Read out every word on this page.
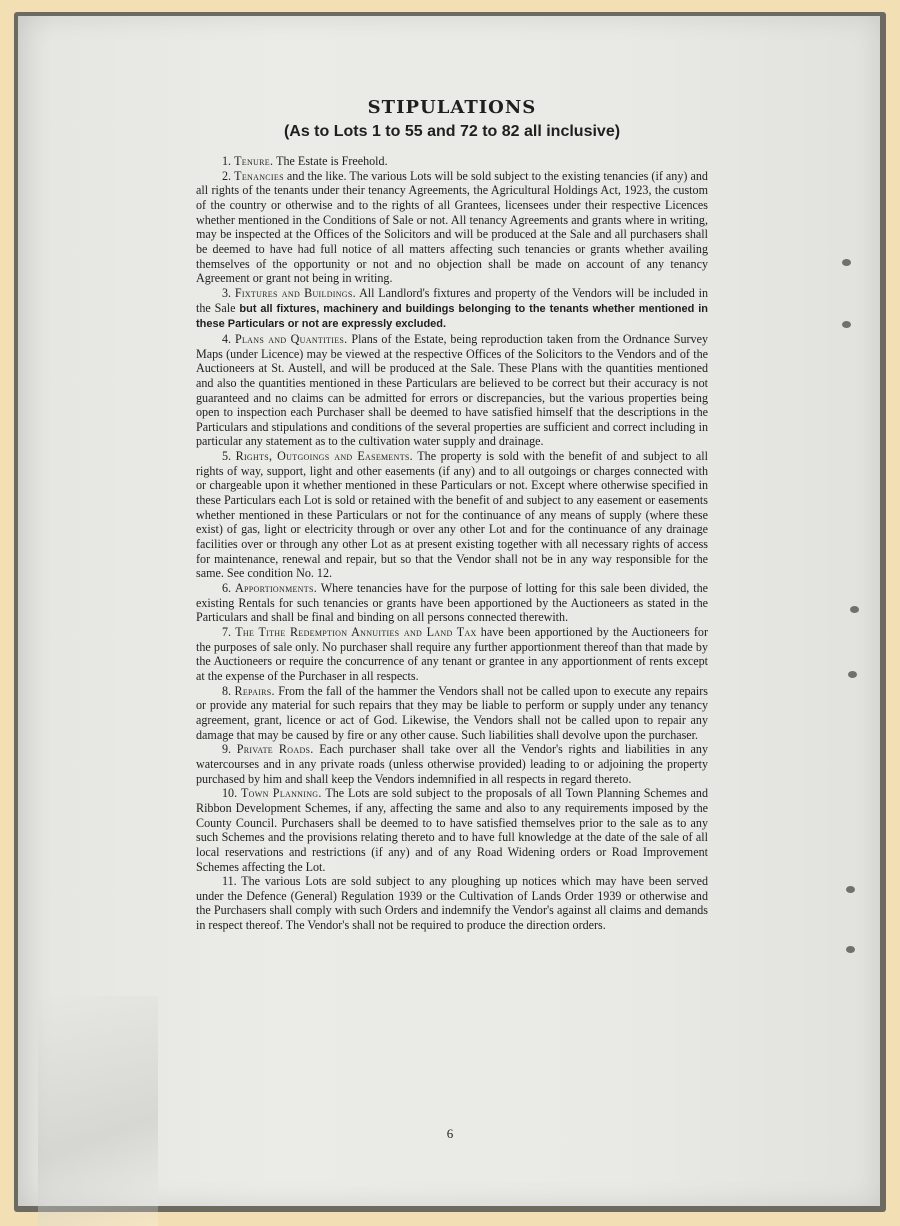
STIPULATIONS
(As to Lots 1 to 55 and 72 to 82 all inclusive)

1. Tenure. The Estate is Freehold.

2. Tenancies and the like. The various Lots will be sold subject to the existing tenancies (if any) and all rights of the tenants under their tenancy Agreements, the Agricultural Holdings Act, 1923, the custom of the country or otherwise and to the rights of all Grantees, licensees under their respective Licences whether mentioned in the Conditions of Sale or not. All tenancy Agreements and grants where in writing, may be inspected at the Offices of the Solicitors and will be produced at the Sale and all purchasers shall be deemed to have had full notice of all matters affecting such tenancies or grants whether availing themselves of the opportunity or not and no objection shall be made on account of any tenancy Agreement or grant not being in writing.

3. Fixtures and Buildings. All Landlord's fixtures and property of the Vendors will be included in the Sale but all fixtures, machinery and buildings belonging to the tenants whether mentioned in these Particulars or not are expressly excluded.

4. Plans and Quantities. Plans of the Estate, being reproduction taken from the Ordnance Survey Maps (under Licence) may be viewed at the respective Offices of the Solicitors to the Vendors and of the Auctioneers at St. Austell, and will be produced at the Sale. These Plans with the quantities mentioned and also the quantities mentioned in these Particulars are believed to be correct but their accuracy is not guaranteed and no claims can be admitted for errors or discrepancies, but the various properties being open to inspection each Purchaser shall be deemed to have satisfied himself that the descriptions in the Particulars and stipulations and conditions of the several properties are sufficient and correct including in particular any statement as to the cultivation water supply and drainage.

5. Rights, Outgoings and Easements. The property is sold with the benefit of and subject to all rights of way, support, light and other easements (if any) and to all outgoings or charges connected with or chargeable upon it whether mentioned in these Particulars or not. Except where otherwise specified in these Particulars each Lot is sold or retained with the benefit of and subject to any easement or easements whether mentioned in these Particulars or not for the continuance of any means of supply (where these exist) of gas, light or electricity through or over any other Lot and for the continuance of any drainage facilities over or through any other Lot as at present existing together with all necessary rights of access for maintenance, renewal and repair, but so that the Vendor shall not be in any way responsible for the same. See condition No. 12.

6. Apportionments. Where tenancies have for the purpose of lotting for this sale been divided, the existing Rentals for such tenancies or grants have been apportioned by the Auctioneers as stated in the Particulars and shall be final and binding on all persons connected therewith.

7. The Tithe Redemption Annuities and Land Tax have been apportioned by the Auctioneers for the purposes of sale only. No purchaser shall require any further apportionment thereof than that made by the Auctioneers or require the concurrence of any tenant or grantee in any apportionment of rents except at the expense of the Purchaser in all respects.

8. Repairs. From the fall of the hammer the Vendors shall not be called upon to execute any repairs or provide any material for such repairs that they may be liable to perform or supply under any tenancy agreement, grant, licence or act of God. Likewise, the Vendors shall not be called upon to repair any damage that may be caused by fire or any other cause. Such liabilities shall devolve upon the purchaser.

9. Private Roads. Each purchaser shall take over all the Vendor's rights and liabilities in any watercourses and in any private roads (unless otherwise provided) leading to or adjoining the property purchased by him and shall keep the Vendors indemnified in all respects in regard thereto.

10. Town Planning. The Lots are sold subject to the proposals of all Town Planning Schemes and Ribbon Development Schemes, if any, affecting the same and also to any requirements imposed by the County Council. Purchasers shall be deemed to to have satisfied themselves prior to the sale as to any such Schemes and the provisions relating thereto and to have full knowledge at the date of the sale of all local reservations and restrictions (if any) and of any Road Widening orders or Road Improvement Schemes affecting the Lot.

11. The various Lots are sold subject to any ploughing up notices which may have been served under the Defence (General) Regulation 1939 or the Cultivation of Lands Order 1939 or otherwise and the Purchasers shall comply with such Orders and indemnify the Vendor's against all claims and demands in respect thereof. The Vendor's shall not be required to produce the direction orders.

6
